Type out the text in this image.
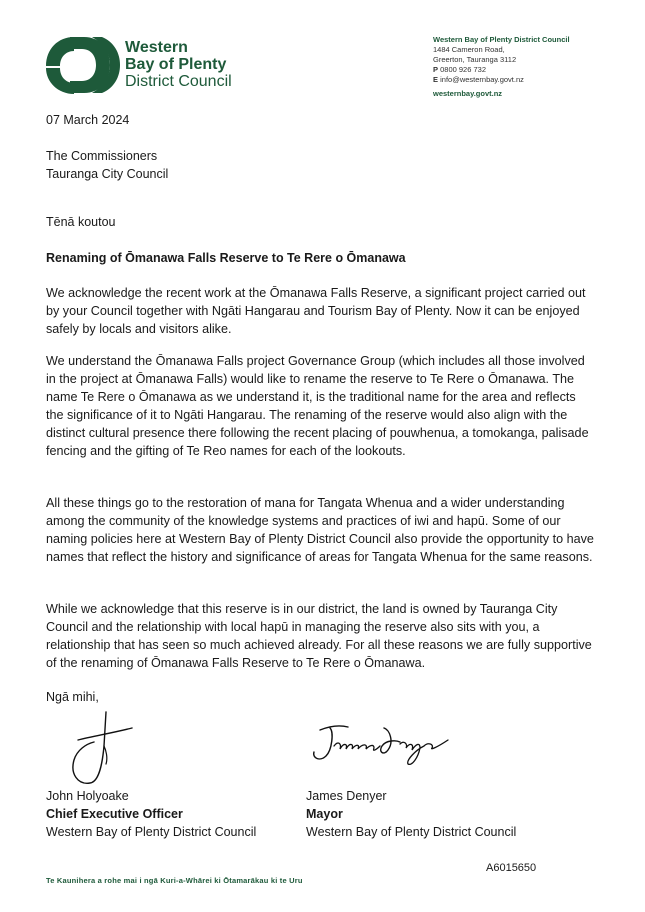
Western
Bay of Plenty
District Council
Western Bay of Plenty District Council
1484 Cameron Road,
Greerton, Tauranga 3112
P 0800 926 732
E info@westernbay.govt.nz
westernbay.govt.nz
07 March 2024
The Commissioners
Tauranga City Council
Tēnā koutou
Renaming of Ōmanawa Falls Reserve to Te Rere o Ōmanawa
We acknowledge the recent work at the Ōmanawa Falls Reserve, a significant project carried out by your Council together with Ngāti Hangarau and Tourism Bay of Plenty. Now it can be enjoyed safely by locals and visitors alike.
We understand the Ōmanawa Falls project Governance Group (which includes all those involved in the project at Ōmanawa Falls) would like to rename the reserve to Te Rere o Ōmanawa. The name Te Rere o Ōmanawa as we understand it, is the traditional name for the area and reflects the significance of it to Ngāti Hangarau. The renaming of the reserve would also align with the distinct cultural presence there following the recent placing of pouwhenua, a tomokanga, palisade fencing and the gifting of Te Reo names for each of the lookouts.
All these things go to the restoration of mana for Tangata Whenua and a wider understanding among the community of the knowledge systems and practices of iwi and hapū. Some of our naming policies here at Western Bay of Plenty District Council also provide the opportunity to have names that reflect the history and significance of areas for Tangata Whenua for the same reasons.
While we acknowledge that this reserve is in our district, the land is owned by Tauranga City Council and the relationship with local hapū in managing the reserve also sits with you, a relationship that has seen so much achieved already. For all these reasons we are fully supportive of the renaming of Ōmanawa Falls Reserve to Te Rere o Ōmanawa.
Ngā mihi,
John Holyoake
Chief Executive Officer
Western Bay of Plenty District Council
James Denyer
Mayor
Western Bay of Plenty District Council
A6015650
Te Kaunihera a rohe mai i ngā Kuri-a-Whārei ki Ōtamarākau ki te Uru
